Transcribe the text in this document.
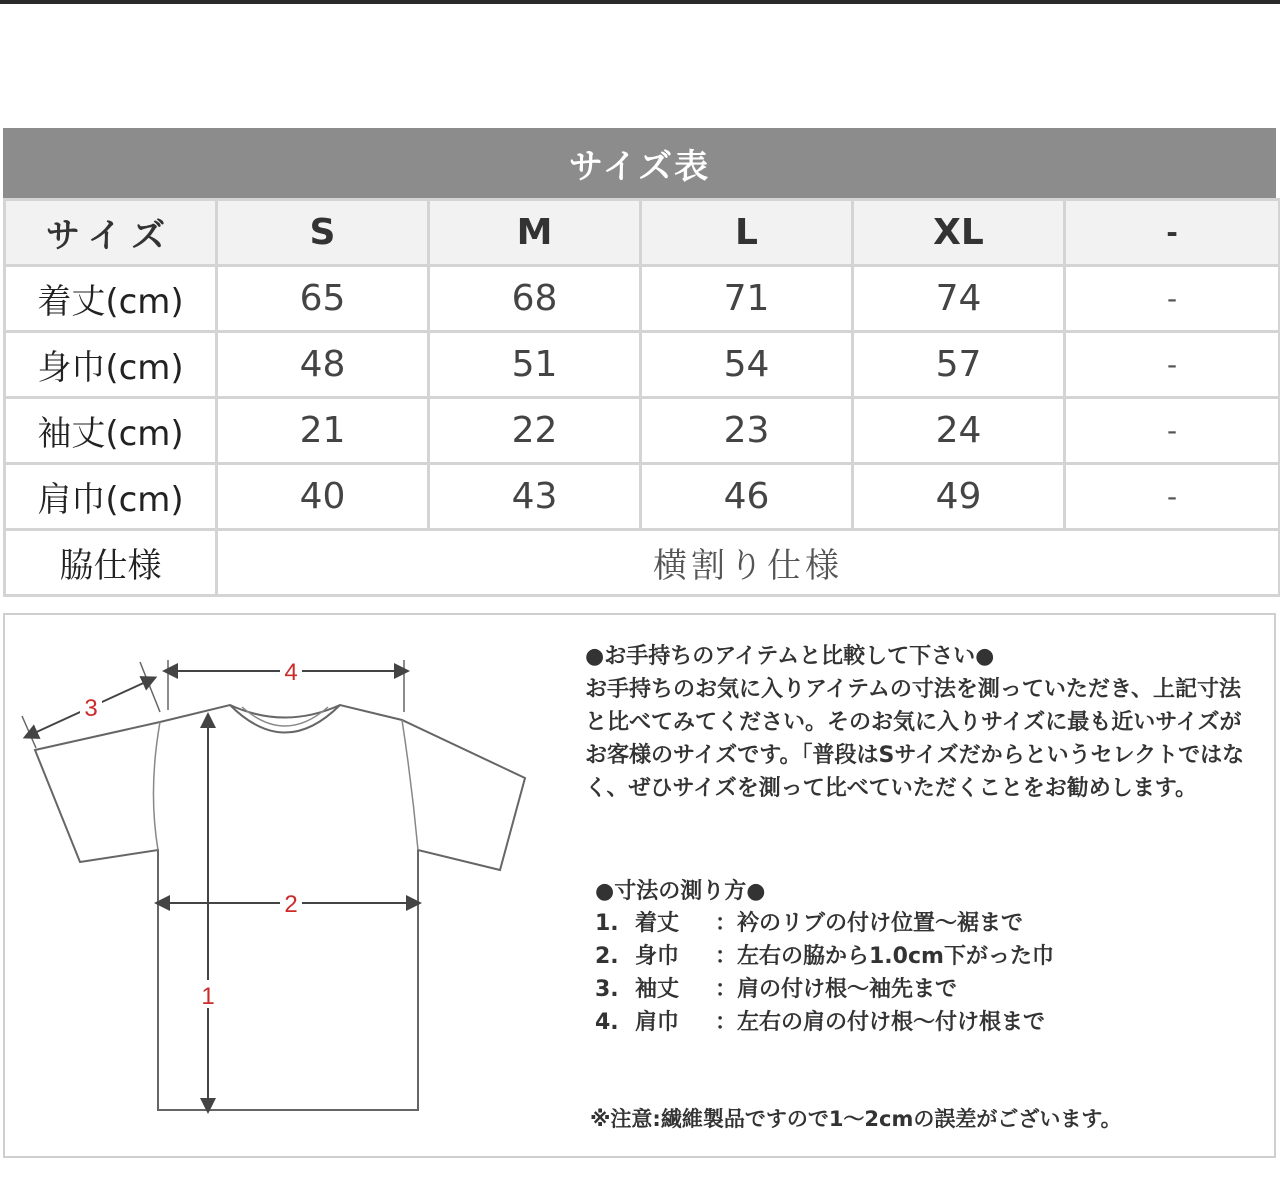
サイズ表
サイズ	S	M	L	XL	-
着丈(cm)	65	68	71	74	-
身巾(cm)	48	51	54	57	-
袖丈(cm)	21	22	23	24	-
肩巾(cm)	40	43	46	49	-
脇仕様	横割り仕様				
1
2
3
4

●お手持ちのアイテムと比較して下さい●

お手持ちのお気に入りアイテムの寸法を測っていただき、上記寸法と比べてみてください。そのお気に入りサイズに最も近いサイズがお客様のサイズです。「普段はSサイズだからというセレクトではなく、ぜひサイズを測って比べていただくことをお勧めします。

●寸法の測り方●
1. 着丈 ：衿のリブの付け位置〜裾まで
2. 身巾 ：左右の脇から1.0cm下がった巾
3. 袖丈 ：肩の付け根〜袖先まで
4. 肩巾 ：左右の肩の付け根〜付け根まで
※注意:繊維製品ですので1〜2cmの誤差がございます。
